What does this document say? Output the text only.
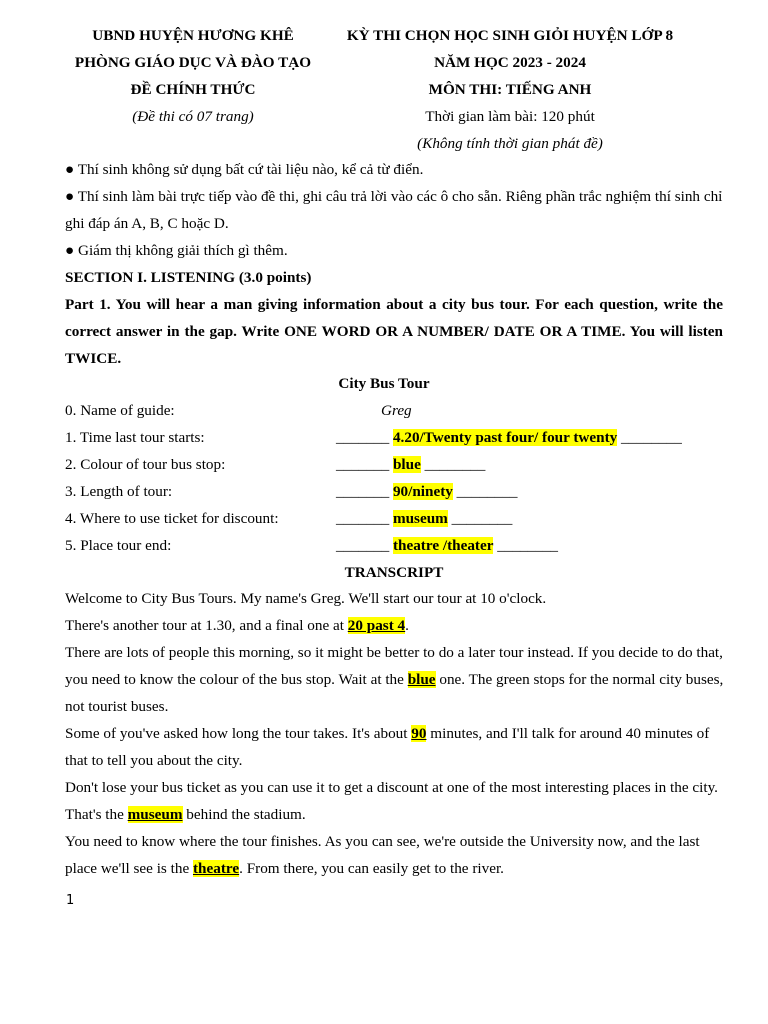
UBND HUYỆN HƯƠNG KHÊ
PHÒNG GIÁO DỤC VÀ ĐÀO TẠO
ĐỀ CHÍNH THỨC
(Đề thi có 07 trang)
KỲ THI CHỌN HỌC SINH GIỎI HUYỆN LỚP 8
NĂM HỌC 2023 - 2024
MÔN THI: TIẾNG ANH
Thời gian làm bài: 120 phút
(Không tính thời gian phát đề)
● Thí sinh không sử dụng bất cứ tài liệu nào, kể cả từ điển.
● Thí sinh làm bài trực tiếp vào đề thi, ghi câu trả lời vào các ô cho sẵn. Riêng phần trắc nghiệm thí sinh chỉ
ghi đáp án A, B, C hoặc D.
● Giám thị không giải thích gì thêm.
SECTION I. LISTENING (3.0 points)
Part 1. You will hear a man giving information about a city bus tour. For each question, write the correct answer in the gap. Write ONE WORD OR A NUMBER/ DATE OR A TIME. You will listen TWICE.
City Bus Tour
0. Name of guide:	Greg
1. Time last tour starts:	_______ 4.20/Twenty past four/ four twenty ________
2. Colour of tour bus stop:	_______ blue ________
3. Length of tour:	_______ 90/ninety ________
4. Where to use ticket for discount:	_______ museum ________
5. Place tour end:	_______ theatre /theater ________
TRANSCRIPT
Welcome to City Bus Tours. My name's Greg. We'll start our tour at 10 o'clock.
There's another tour at 1.30, and a final one at 20 past 4.
There are lots of people this morning, so it might be better to do a later tour instead. If you decide to do that,
you need to know the colour of the bus stop. Wait at the blue one. The green stops for the normal city buses,
not tourist buses.
Some of you've asked how long the tour takes. It's about 90 minutes, and I'll talk for around 40 minutes of
that to tell you about the city.
Don't lose your bus ticket as you can use it to get a discount at one of the most interesting places in the city.
That's the museum behind the stadium.
You need to know where the tour finishes. As you can see, we're outside the University now, and the last
place we'll see is the theatre. From there, you can easily get to the river.
1
